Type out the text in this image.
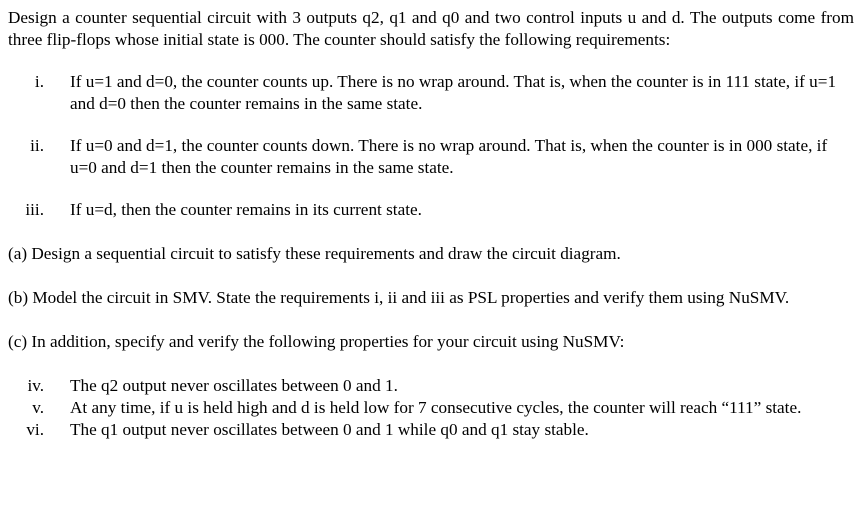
Design a counter sequential circuit with 3 outputs q2, q1 and q0 and two control inputs u and d. The outputs come from three flip-flops whose initial state is 000. The counter should satisfy the following requirements:

i. If u=1 and d=0, the counter counts up. There is no wrap around. That is, when the counter is in 111 state, if u=1 and d=0 then the counter remains in the same state.
ii. If u=0 and d=1, the counter counts down. There is no wrap around. That is, when the counter is in 000 state, if u=0 and d=1 then the counter remains in the same state.
iii. If u=d, then the counter remains in its current state.

(a) Design a sequential circuit to satisfy these requirements and draw the circuit diagram.

(b) Model the circuit in SMV. State the requirements i, ii and iii as PSL properties and verify them using NuSMV.

(c) In addition, specify and verify the following properties for your circuit using NuSMV:

iv. The q2 output never oscillates between 0 and 1.
v. At any time, if u is held high and d is held low for 7 consecutive cycles, the counter will reach “111” state.
vi. The q1 output never oscillates between 0 and 1 while q0 and q1 stay stable.
